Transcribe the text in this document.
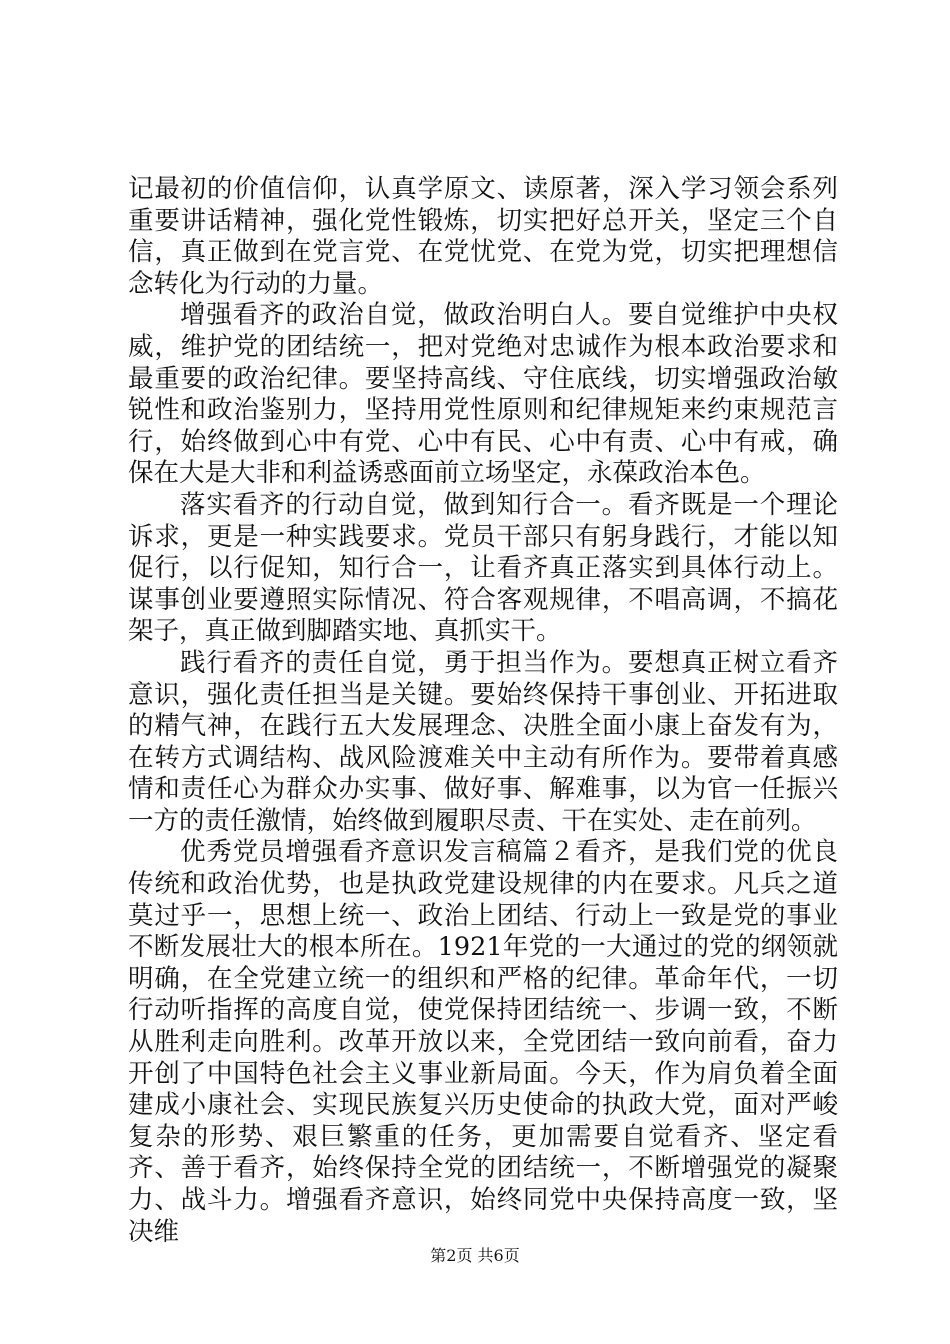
记最初的价值信仰，认真学原文、读原著，深入学习领会系列重要讲话精神，强化党性锻炼，切实把好总开关，坚定三个自信，真正做到在党言党、在党忧党、在党为党，切实把理想信念转化为行动的力量。

增强看齐的政治自觉，做政治明白人。要自觉维护中央权威，维护党的团结统一，把对党绝对忠诚作为根本政治要求和最重要的政治纪律。要坚持高线、守住底线，切实增强政治敏锐性和政治鉴别力，坚持用党性原则和纪律规矩来约束规范言行，始终做到心中有党、心中有民、心中有责、心中有戒，确保在大是大非和利益诱惑面前立场坚定，永葆政治本色。

落实看齐的行动自觉，做到知行合一。看齐既是一个理论诉求，更是一种实践要求。党员干部只有躬身践行，才能以知促行，以行促知，知行合一，让看齐真正落实到具体行动上。谋事创业要遵照实际情况、符合客观规律，不唱高调，不搞花架子，真正做到脚踏实地、真抓实干。

践行看齐的责任自觉，勇于担当作为。要想真正树立看齐意识，强化责任担当是关键。要始终保持干事创业、开拓进取的精气神，在践行五大发展理念、决胜全面小康上奋发有为，在转方式调结构、战风险渡难关中主动有所作为。要带着真感情和责任心为群众办实事、做好事、解难事，以为官一任振兴一方的责任激情，始终做到履职尽责、干在实处、走在前列。

优秀党员增强看齐意识发言稿篇２看齐，是我们党的优良传统和政治优势，也是执政党建设规律的内在要求。凡兵之道莫过乎一，思想上统一、政治上团结、行动上一致是党的事业不断发展壮大的根本所在。1921年党的一大通过的党的纲领就明确，在全党建立统一的组织和严格的纪律。革命年代，一切行动听指挥的高度自觉，使党保持团结统一、步调一致，不断从胜利走向胜利。改革开放以来，全党团结一致向前看，奋力开创了中国特色社会主义事业新局面。今天，作为肩负着全面建成小康社会、实现民族复兴历史使命的执政大党，面对严峻复杂的形势、艰巨繁重的任务，更加需要自觉看齐、坚定看齐、善于看齐，始终保持全党的团结统一，不断增强党的凝聚力、战斗力。增强看齐意识，始终同党中央保持高度一致，坚决维

第2页 共6页
